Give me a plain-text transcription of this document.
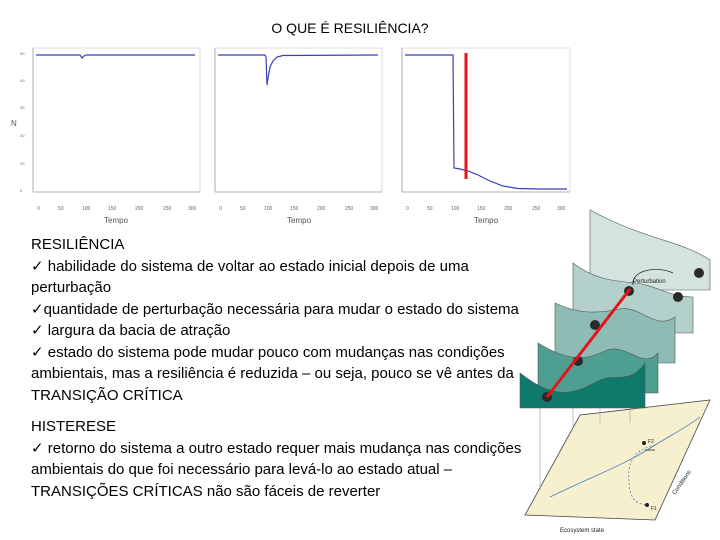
O QUE É RESILIÊNCIA?
N
50
40
30
20
10
0
0	50	100	150	200	250	300
Tempo
0	50	100	150	200	250	300
Tempo
0	50	100	150	200	250	300
Tempo
RESILIÊNCIA
✓ habilidade do sistema de voltar ao estado inicial depois de uma perturbação
✓quantidade de perturbação necessária para mudar o estado do sistema
✓ largura da bacia de atração
✓ estado do sistema pode mudar pouco com mudanças nas condições ambientais, mas a resiliência é reduzida – ou seja, pouco se vê antes da TRANSIÇÃO CRÍTICA
HISTERESE
✓ retorno do sistema a outro estado requer mais mudança nas condições ambientais do que foi necessário para levá-lo ao estado atual – TRANSIÇÕES CRÍTICAS não são fáceis de reverter
F1
F2
Ecosystem state
Conditions
Perturbation
